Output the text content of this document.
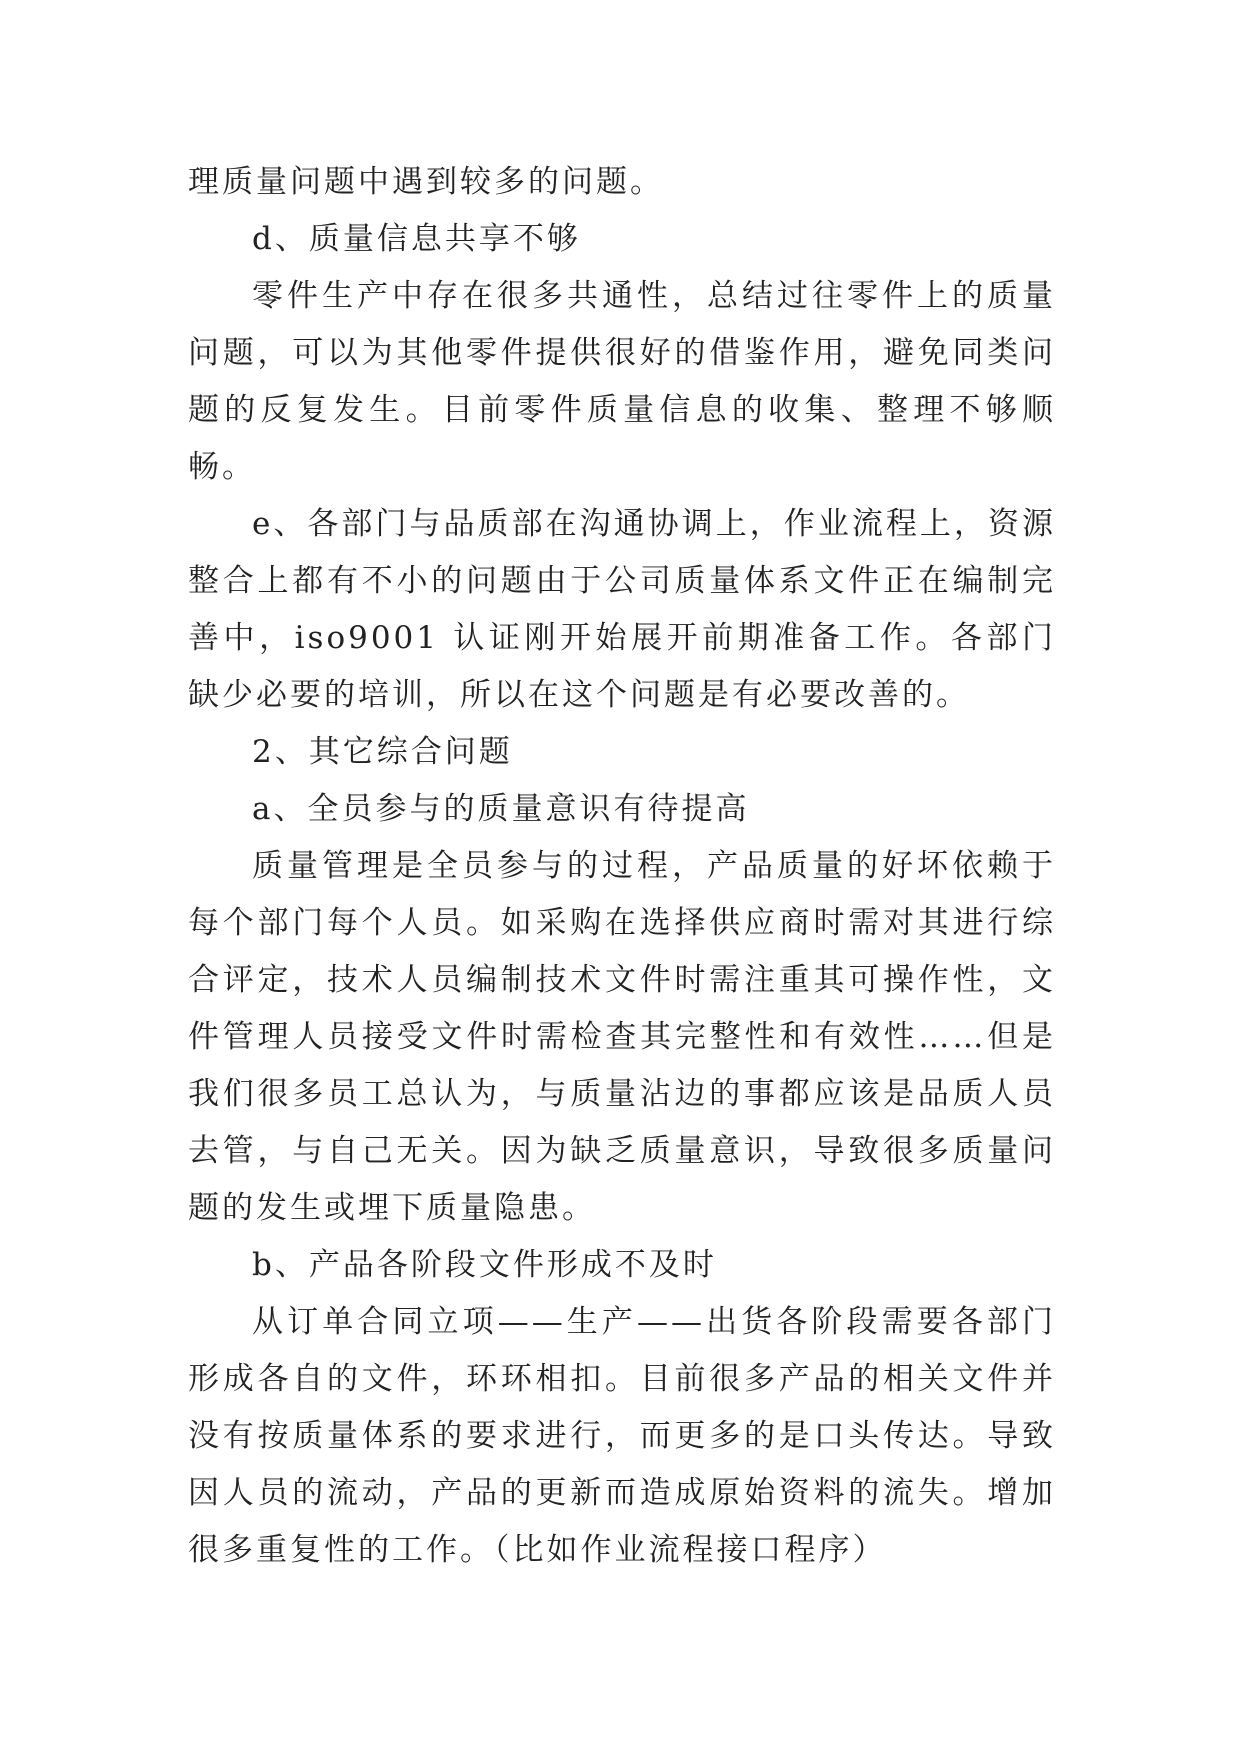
理质量问题中遇到较多的问题。

d、质量信息共享不够

零件生产中存在很多共通性，总结过往零件上的质量问题，可以为其他零件提供很好的借鉴作用，避免同类问题的反复发生。目前零件质量信息的收集、整理不够顺畅。

e、各部门与品质部在沟通协调上，作业流程上，资源整合上都有不小的问题由于公司质量体系文件正在编制完善中，iso9001 认证刚开始展开前期准备工作。各部门缺少必要的培训，所以在这个问题是有必要改善的。

2、其它综合问题

a、全员参与的质量意识有待提高

质量管理是全员参与的过程，产品质量的好坏依赖于每个部门每个人员。如采购在选择供应商时需对其进行综合评定，技术人员编制技术文件时需注重其可操作性，文件管理人员接受文件时需检查其完整性和有效性……但是我们很多员工总认为，与质量沾边的事都应该是品质人员去管，与自己无关。因为缺乏质量意识，导致很多质量问题的发生或埋下质量隐患。

b、产品各阶段文件形成不及时

从订单合同立项——生产——出货各阶段需要各部门形成各自的文件，环环相扣。目前很多产品的相关文件并没有按质量体系的要求进行，而更多的是口头传达。导致因人员的流动，产品的更新而造成原始资料的流失。增加很多重复性的工作。（比如作业流程接口程序）
